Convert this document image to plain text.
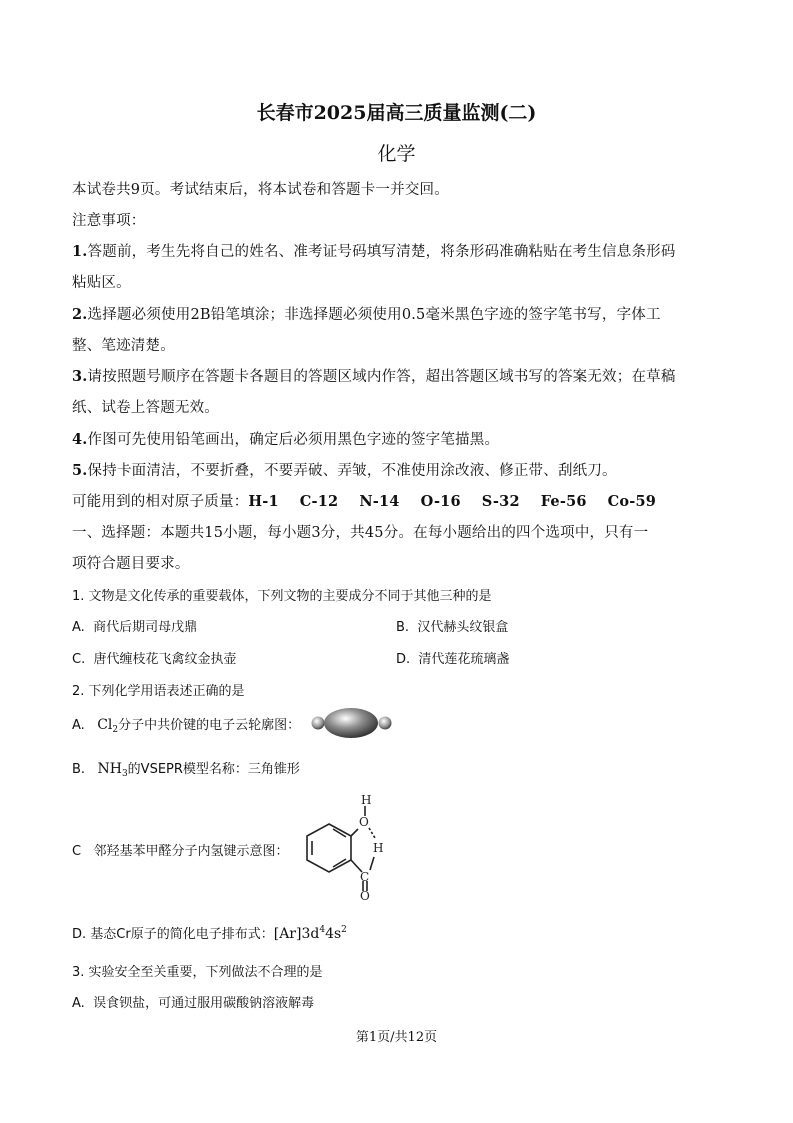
长春市2025届高三质量监测(二)
化学
本试卷共9页。考试结束后，将本试卷和答题卡一并交回。
注意事项：
1.答题前，考生先将自己的姓名、准考证号码填写清楚，将条形码准确粘贴在考生信息条形码
粘贴区。
2.选择题必须使用2B铅笔填涂；非选择题必须使用0.5毫米黑色字迹的签字笔书写，字体工
整、笔迹清楚。
3.请按照题号顺序在答题卡各题目的答题区域内作答，超出答题区域书写的答案无效；在草稿
纸、试卷上答题无效。
4.作图可先使用铅笔画出，确定后必须用黑色字迹的签字笔描黑。
5.保持卡面清洁，不要折叠，不要弄破、弄皱，不准使用涂改液、修正带、刮纸刀。
可能用到的相对原子质量：H-1    C-12    N-14    O-16    S-32    Fe-56    Co-59
一、选择题：本题共15小题，每小题3分，共45分。在每小题给出的四个选项中，只有一
项符合题目要求。
1. 文物是文化传承的重要载体，下列文物的主要成分不同于其他三种的是
A. 商代后期司母戊鼎	B. 汉代赫头纹银盒
C. 唐代缠枝花飞禽纹金执壶	D. 清代莲花琉璃盏
2. 下列化学用语表述正确的是
A. $Cl_2$分子中共价键的电子云轮廓图：
B. $NH_3$的VSEPR模型名称：三角锥形
C 邻羟基苯甲醛分子内氢键示意图：
H
O
H
C
O
D. 基态Cr原子的简化电子排布式：$[Ar]3d^44s^2$
3. 实验安全至关重要，下列做法不合理的是
A. 误食钡盐，可通过服用碳酸钠溶液解毒
第1页/共12页
